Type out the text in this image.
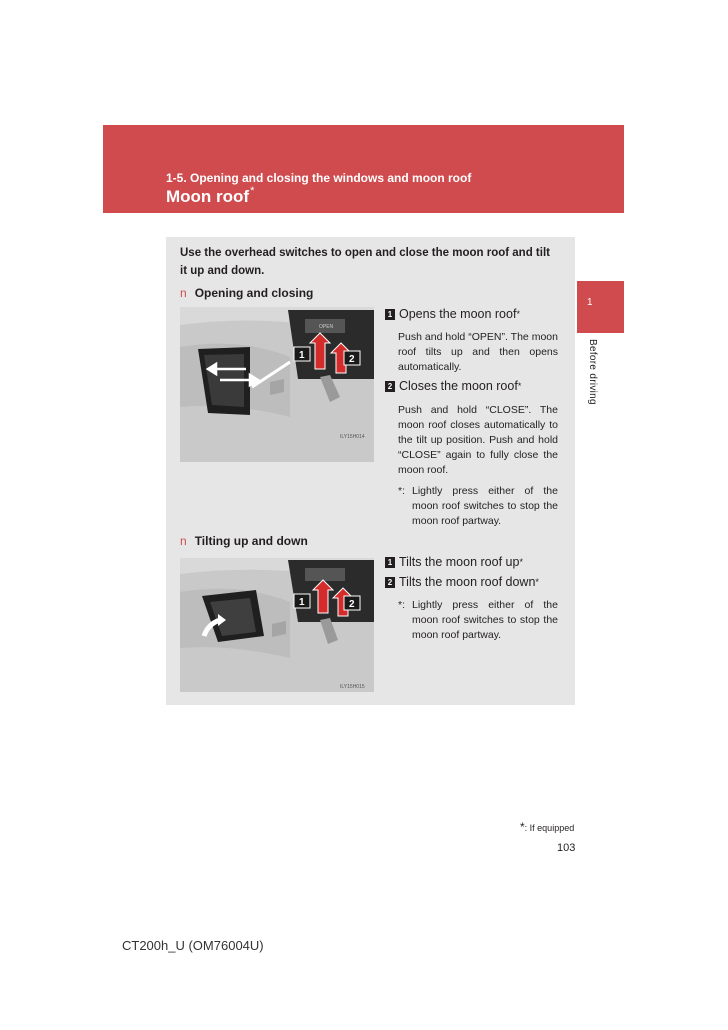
1-5. Opening and closing the windows and moon roof
Moon roof*
1
Before driving
Use the overhead switches to open and close the moon roof and tilt it up and down.
n Opening and closing
OPEN
1	2
ILY15H014
1 Opens the moon roof *
Push and hold “OPEN”. The moon roof tilts up and then opens automatically.
2 Closes the moon roof *
Push and hold “CLOSE”. The moon roof closes automatically to the tilt up position. Push and hold “CLOSE” again to fully close the moon roof.
*: Lightly press either of the moon roof switches to stop the moon roof partway.
n Tilting up and down
1	2
ILY15H015
1 Tilts the moon roof up *
2 Tilts the moon roof down *
*: Lightly press either of the moon roof switches to stop the moon roof partway.
*: If equipped
103
CT200h_U (OM76004U)
